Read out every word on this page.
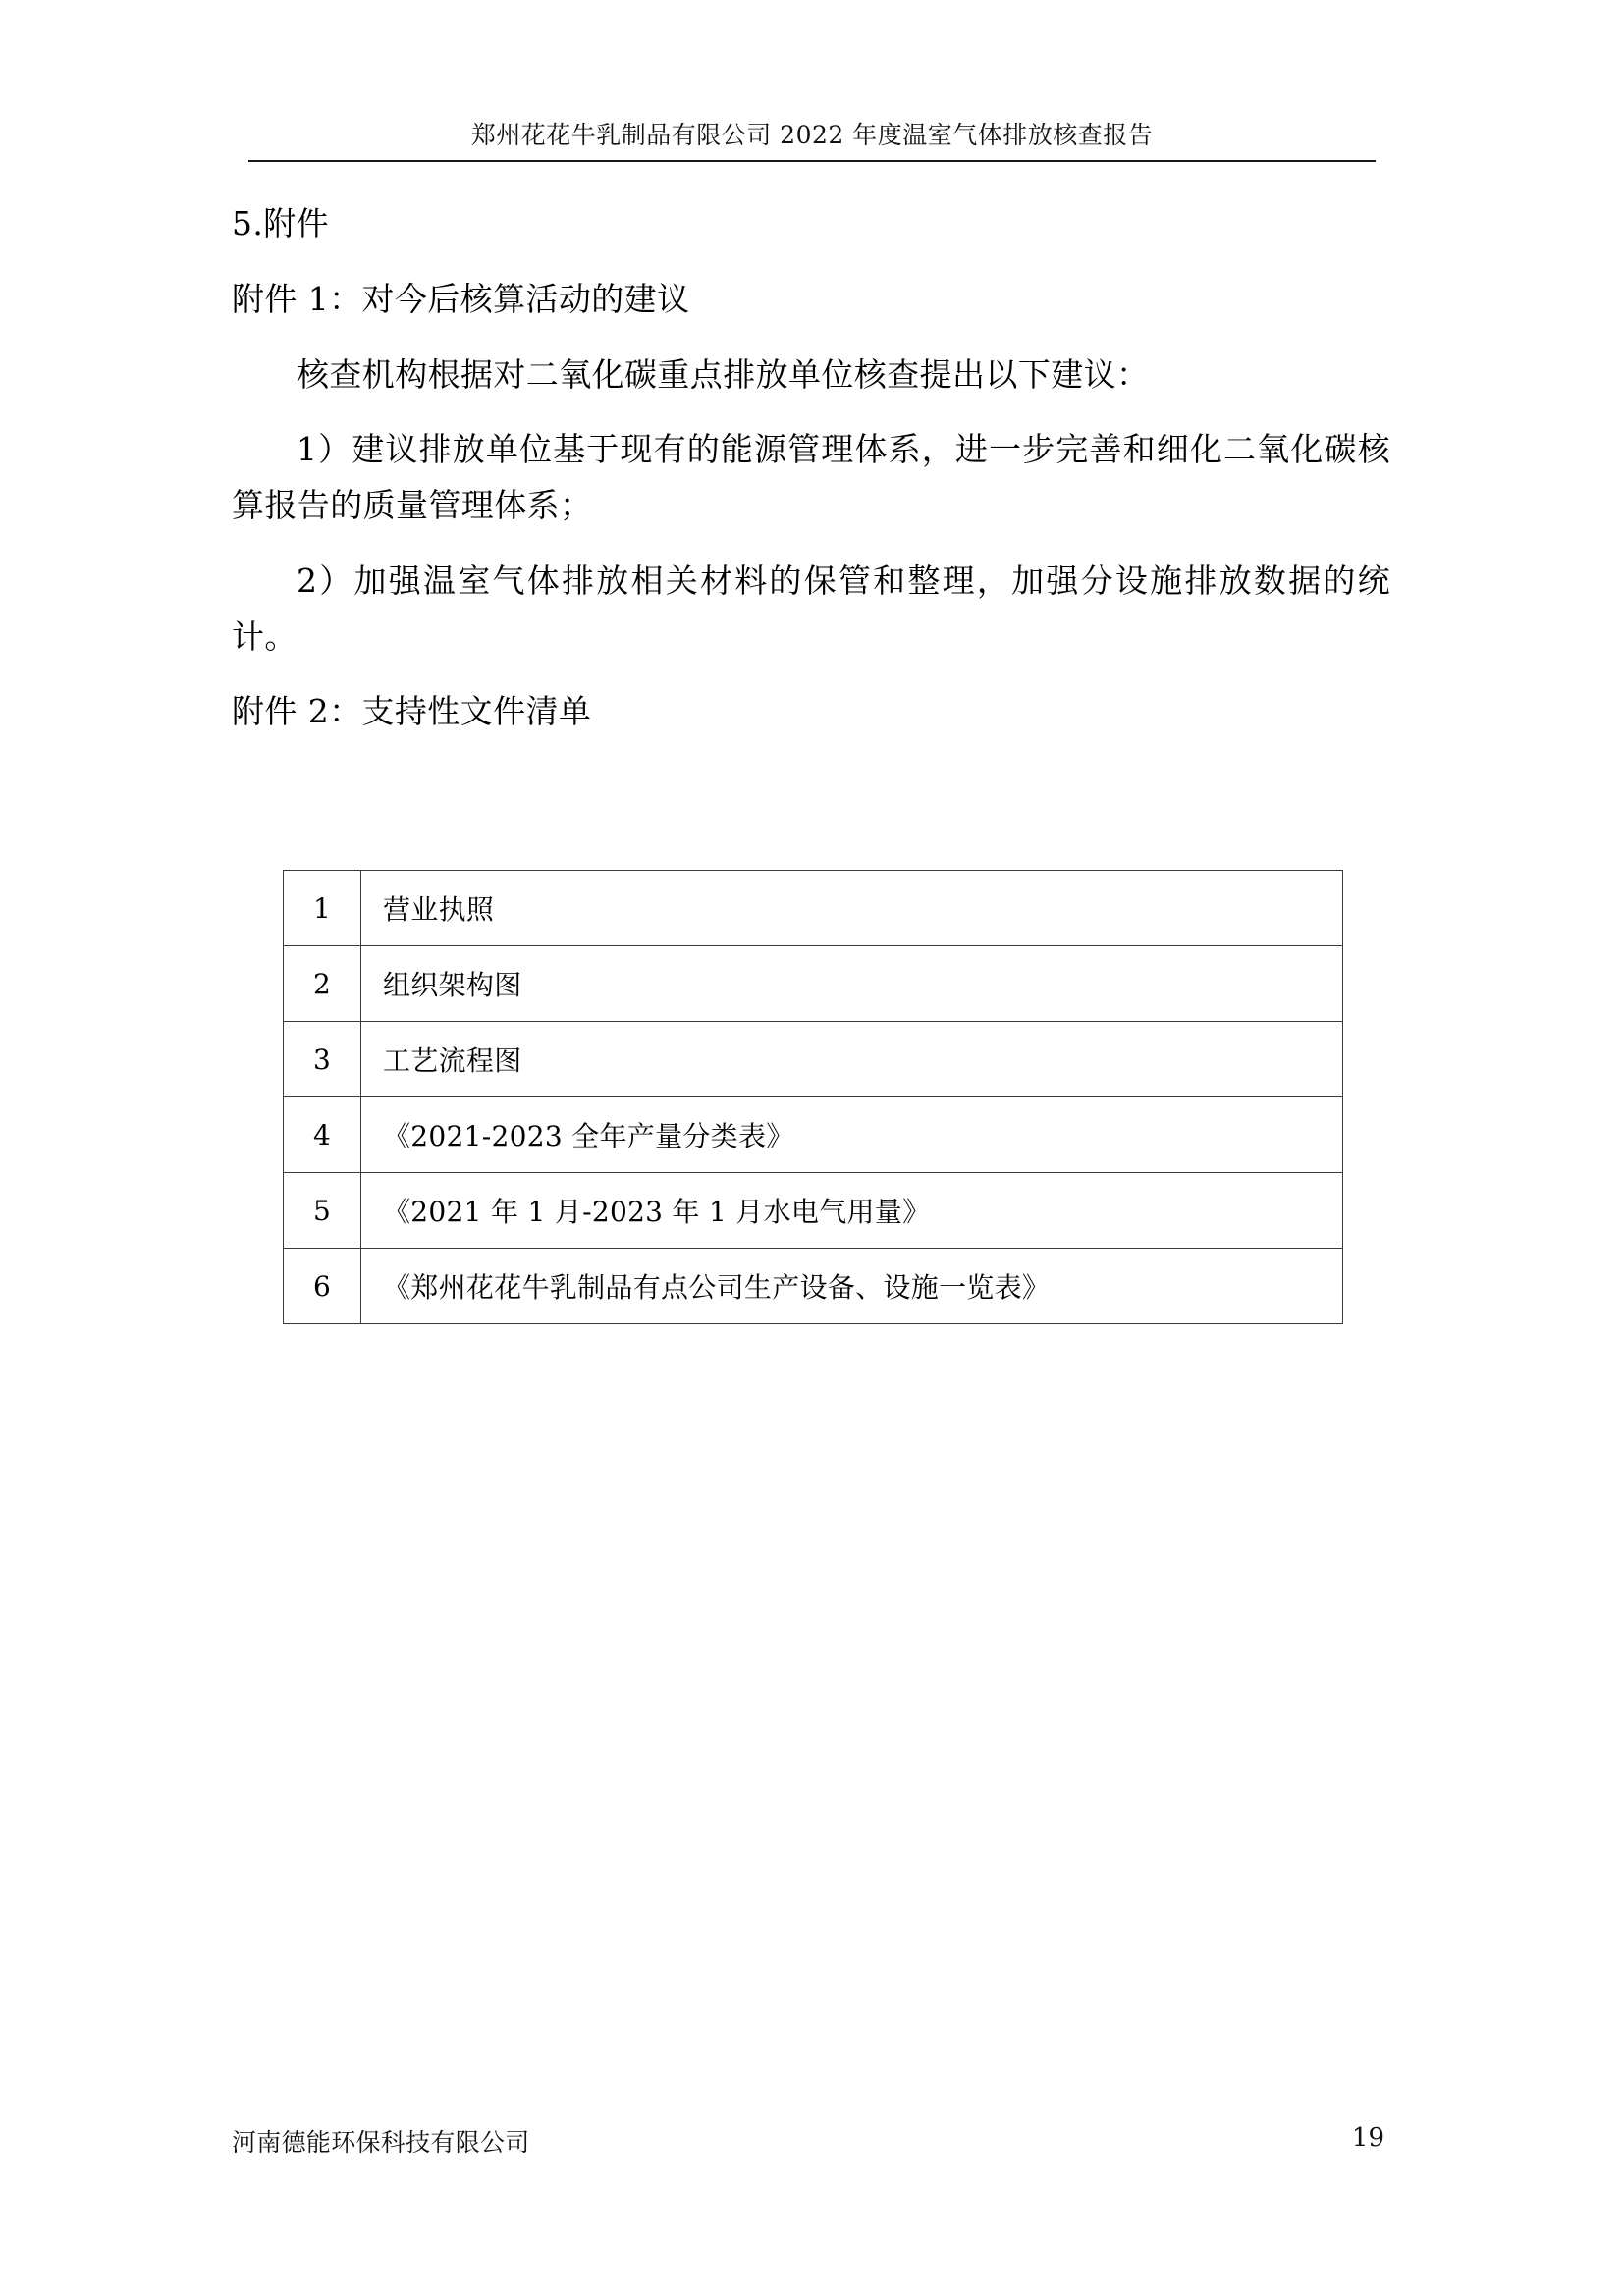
郑州花花牛乳制品有限公司 2022 年度温室气体排放核查报告
5.附件
附件 1：对今后核算活动的建议
核查机构根据对二氧化碳重点排放单位核查提出以下建议：
1）建议排放单位基于现有的能源管理体系，进一步完善和细化二氧化碳核算报告的质量管理体系；
2）加强温室气体排放相关材料的保管和整理，加强分设施排放数据的统计。
附件 2：支持性文件清单
1	营业执照
2	组织架构图
3	工艺流程图
4	《2021-2023 全年产量分类表》
5	《2021 年 1 月-2023 年 1 月水电气用量》
6	《郑州花花牛乳制品有点公司生产设备、设施一览表》
河南德能环保科技有限公司	19
